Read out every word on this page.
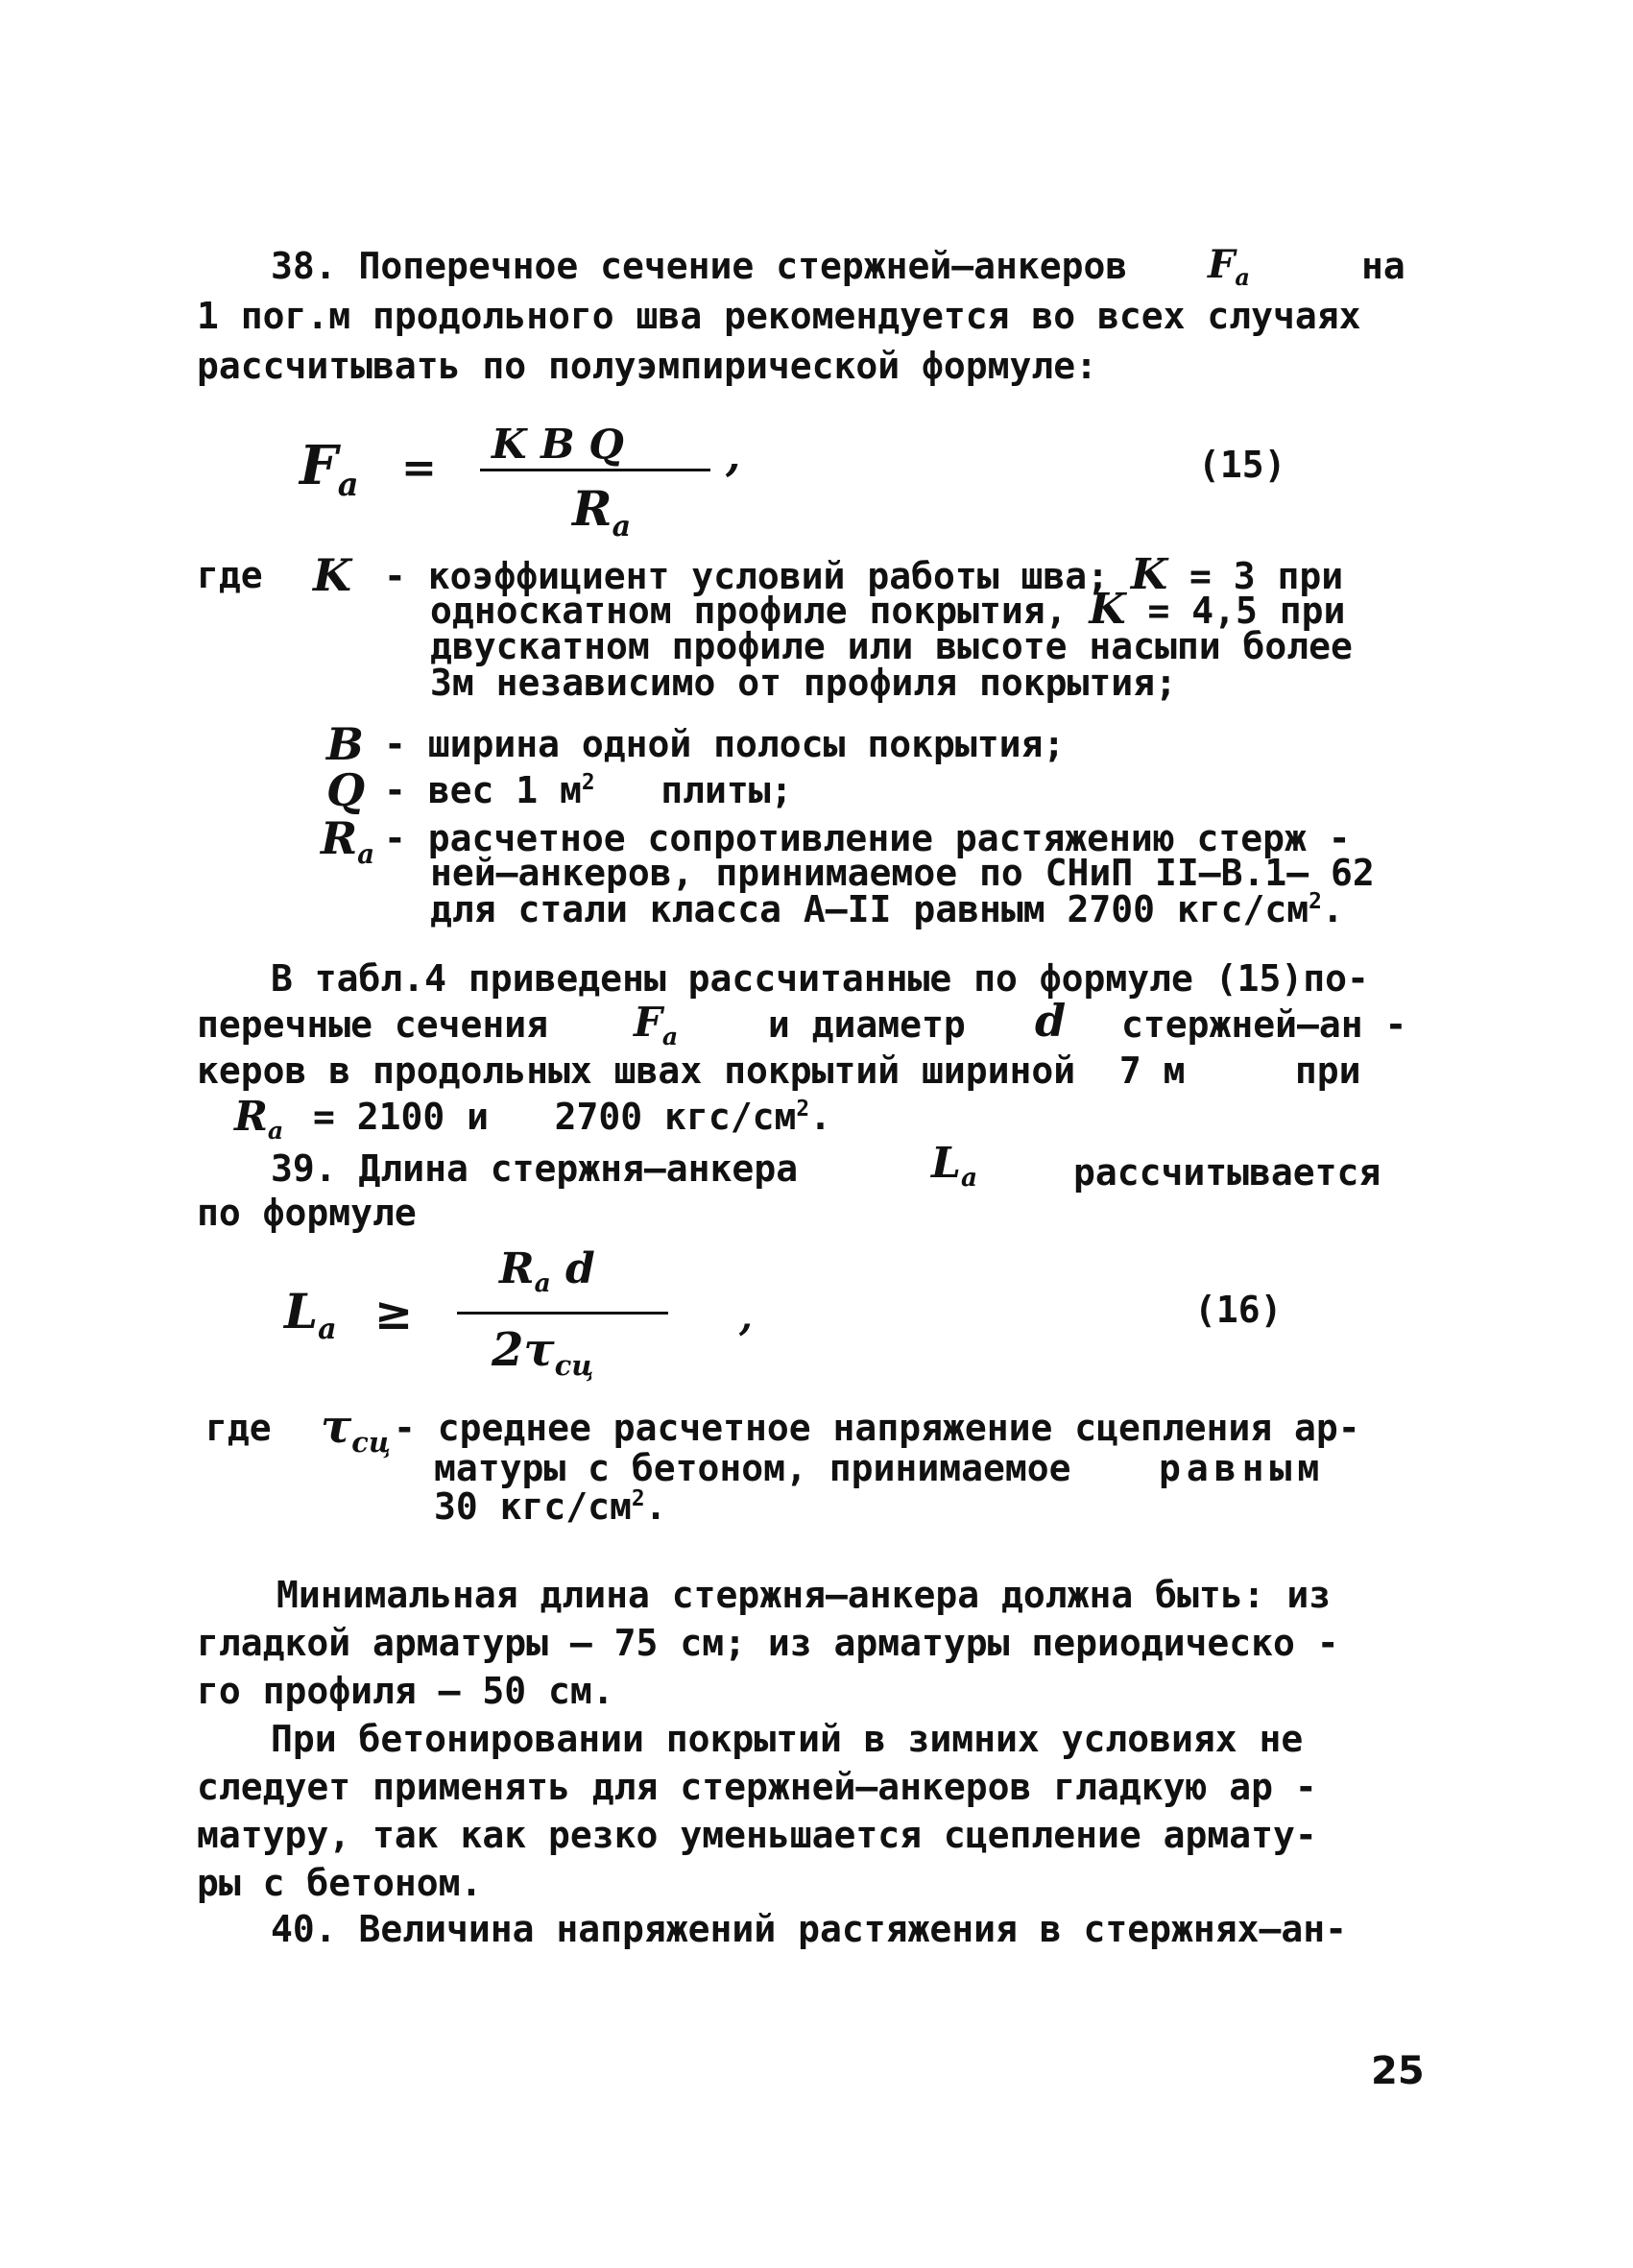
38. Поперечное сечение стержней–анкеров $F_a$	на
1 пог.м продольного шва рекомендуется во всех случаях
рассчитывать по полуэмпирической формуле:
$F_a = K$ B Q
$R_a$
,	(15)
где K - коэффициент условий работы шва; K = 3 при
односкатном профиле покрытия, K = 4,5 при
двускатном профиле или высоте насыпи более
3м независимо от профиля покрытия;
B - ширина одной полосы покрытия;
Q - вес 1 $м^2$ плиты;
$R_a$ - расчетное сопротивление растяжению стерж -
ней–анкеров, принимаемое по СНиП II–В.1– 62
для стали класса А–II равным 2700 кгс/$см^2$.
В табл.4 приведены рассчитанные по формуле (15)по-
перечные сечения	и диаметр
$F_a$	d стержней–ан -
керов в продольных швах покрытий шириной 7 м	при
$R_a = 2100$ и 2700 кгс/$см^2$.
39. Длина стержня–анкера	$L_a$	рассчитывается
по формуле
$L_a$ ≥
$R_a$ d
$2\tau_{сц}$
,	(16)
где $\tau_{сц}$ - среднее расчетное напряжение сцепления ар-
матуры с бетоном, принимаемое равным
30 кгс/$см^2$.
Минимальная длина стержня–анкера должна быть: из
гладкой арматуры – 75 см; из арматуры периодическо -
го профиля – 50 см.
При бетонировании покрытий в зимних условиях не
следует применять для стержней–анкеров гладкую ар -
матуру, так как резко уменьшается сцепление армату-
ры с бетоном.
40. Величина напряжений растяжения в стержнях–ан-
25
